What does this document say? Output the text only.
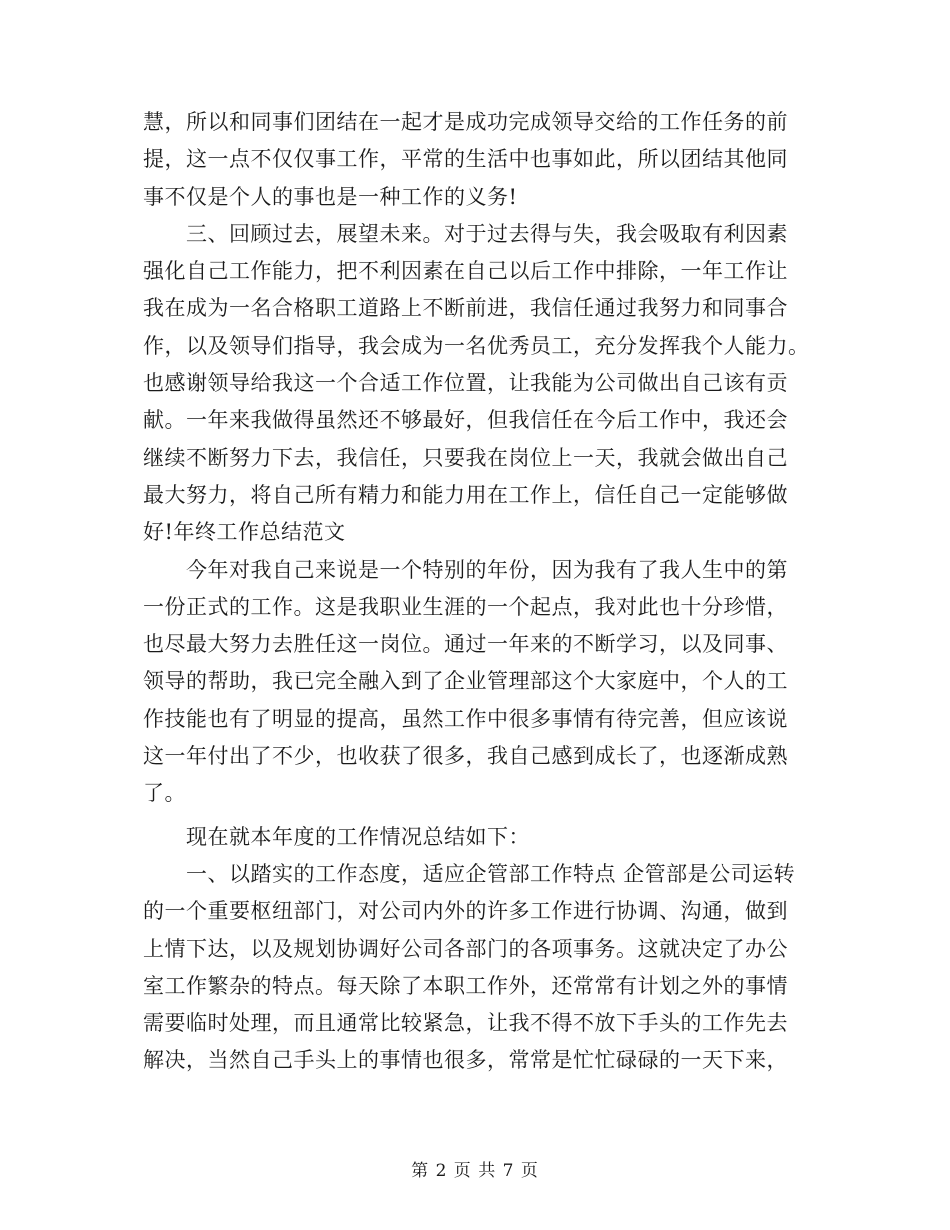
慧，所以和同事们团结在一起才是成功完成领导交给的工作任务的前
提，这一点不仅仅事工作，平常的生活中也事如此，所以团结其他同
事不仅是个人的事也是一种工作的义务!
　　三、回顾过去，展望未来。对于过去得与失，我会吸取有利因素
强化自己工作能力，把不利因素在自己以后工作中排除，一年工作让
我在成为一名合格职工道路上不断前进，我信任通过我努力和同事合
作，以及领导们指导，我会成为一名优秀员工，充分发挥我个人能力。
也感谢领导给我这一个合适工作位置，让我能为公司做出自己该有贡
献。一年来我做得虽然还不够最好，但我信任在今后工作中，我还会
继续不断努力下去，我信任，只要我在岗位上一天，我就会做出自己
最大努力，将自己所有精力和能力用在工作上，信任自己一定能够做
好!年终工作总结范文
　　今年对我自己来说是一个特别的年份，因为我有了我人生中的第
一份正式的工作。这是我职业生涯的一个起点，我对此也十分珍惜，
也尽最大努力去胜任这一岗位。通过一年来的不断学习，以及同事、
领导的帮助，我已完全融入到了企业管理部这个大家庭中，个人的工
作技能也有了明显的提高，虽然工作中很多事情有待完善，但应该说
这一年付出了不少，也收获了很多，我自己感到成长了，也逐渐成熟
了。
　　现在就本年度的工作情况总结如下：
　　一、以踏实的工作态度，适应企管部工作特点 企管部是公司运转
的一个重要枢纽部门，对公司内外的许多工作进行协调、沟通，做到
上情下达，以及规划协调好公司各部门的各项事务。这就决定了办公
室工作繁杂的特点。每天除了本职工作外，还常常有计划之外的事情
需要临时处理，而且通常比较紧急，让我不得不放下手头的工作先去
解决，当然自己手头上的事情也很多，常常是忙忙碌碌的一天下来，
第 2 页 共 7 页
